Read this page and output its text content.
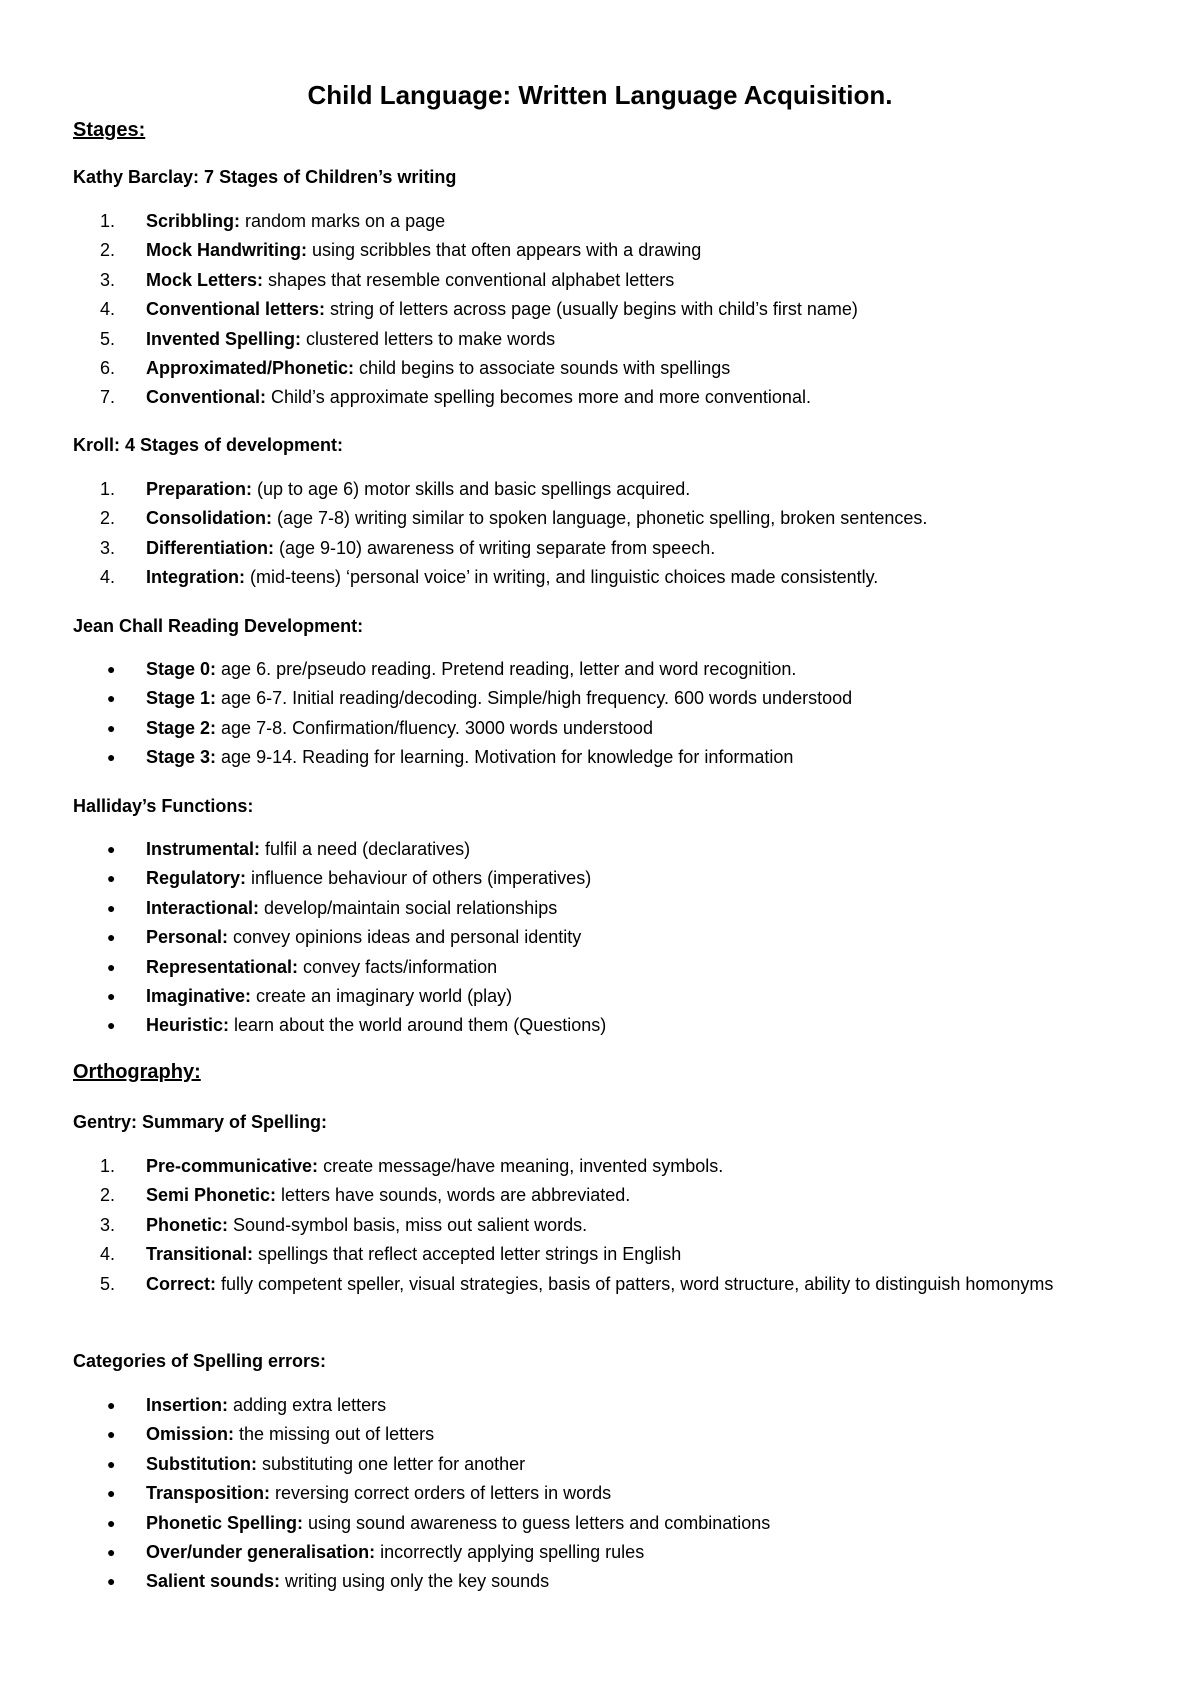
Child Language: Written Language Acquisition.
Stages:
Kathy Barclay: 7 Stages of Children’s writing
1.	Scribbling: random marks on a page
2.	Mock Handwriting: using scribbles that often appears with a drawing
3.	Mock Letters: shapes that resemble conventional alphabet letters
4.	Conventional letters: string of letters across page (usually begins with child’s first name)
5.	Invented Spelling: clustered letters to make words
6.	Approximated/Phonetic: child begins to associate sounds with spellings
7.	Conventional: Child’s approximate spelling becomes more and more conventional.
Kroll: 4 Stages of development:
1.	Preparation: (up to age 6) motor skills and basic spellings acquired.
2.	Consolidation: (age 7-8) writing similar to spoken language, phonetic spelling, broken sentences.
3.	Differentiation: (age 9-10) awareness of writing separate from speech.
4.	Integration: (mid-teens) ‘personal voice’ in writing, and linguistic choices made consistently.
Jean Chall Reading Development:
●	Stage 0: age 6. pre/pseudo reading. Pretend reading, letter and word recognition.
●	Stage 1: age 6-7. Initial reading/decoding. Simple/high frequency. 600 words understood
●	Stage 2: age 7-8. Confirmation/fluency. 3000 words understood
●	Stage 3: age 9-14. Reading for learning. Motivation for knowledge for information
Halliday’s Functions:
●	Instrumental: fulfil a need (declaratives)
●	Regulatory: influence behaviour of others (imperatives)
●	Interactional: develop/maintain social relationships
●	Personal: convey opinions ideas and personal identity
●	Representational: convey facts/information
●	Imaginative: create an imaginary world (play)
●	Heuristic: learn about the world around them (Questions)
Orthography:
Gentry: Summary of Spelling:
1.	Pre-communicative: create message/have meaning, invented symbols.
2.	Semi Phonetic: letters have sounds, words are abbreviated.
3.	Phonetic: Sound-symbol basis, miss out salient words.
4.	Transitional: spellings that reflect accepted letter strings in English
5.	Correct: fully competent speller, visual strategies, basis of patters, word structure, ability to distinguish homonyms
Categories of Spelling errors:
●	Insertion: adding extra letters
●	Omission: the missing out of letters
●	Substitution: substituting one letter for another
●	Transposition: reversing correct orders of letters in words
●	Phonetic Spelling: using sound awareness to guess letters and combinations
●	Over/under generalisation: incorrectly applying spelling rules
●	Salient sounds: writing using only the key sounds
